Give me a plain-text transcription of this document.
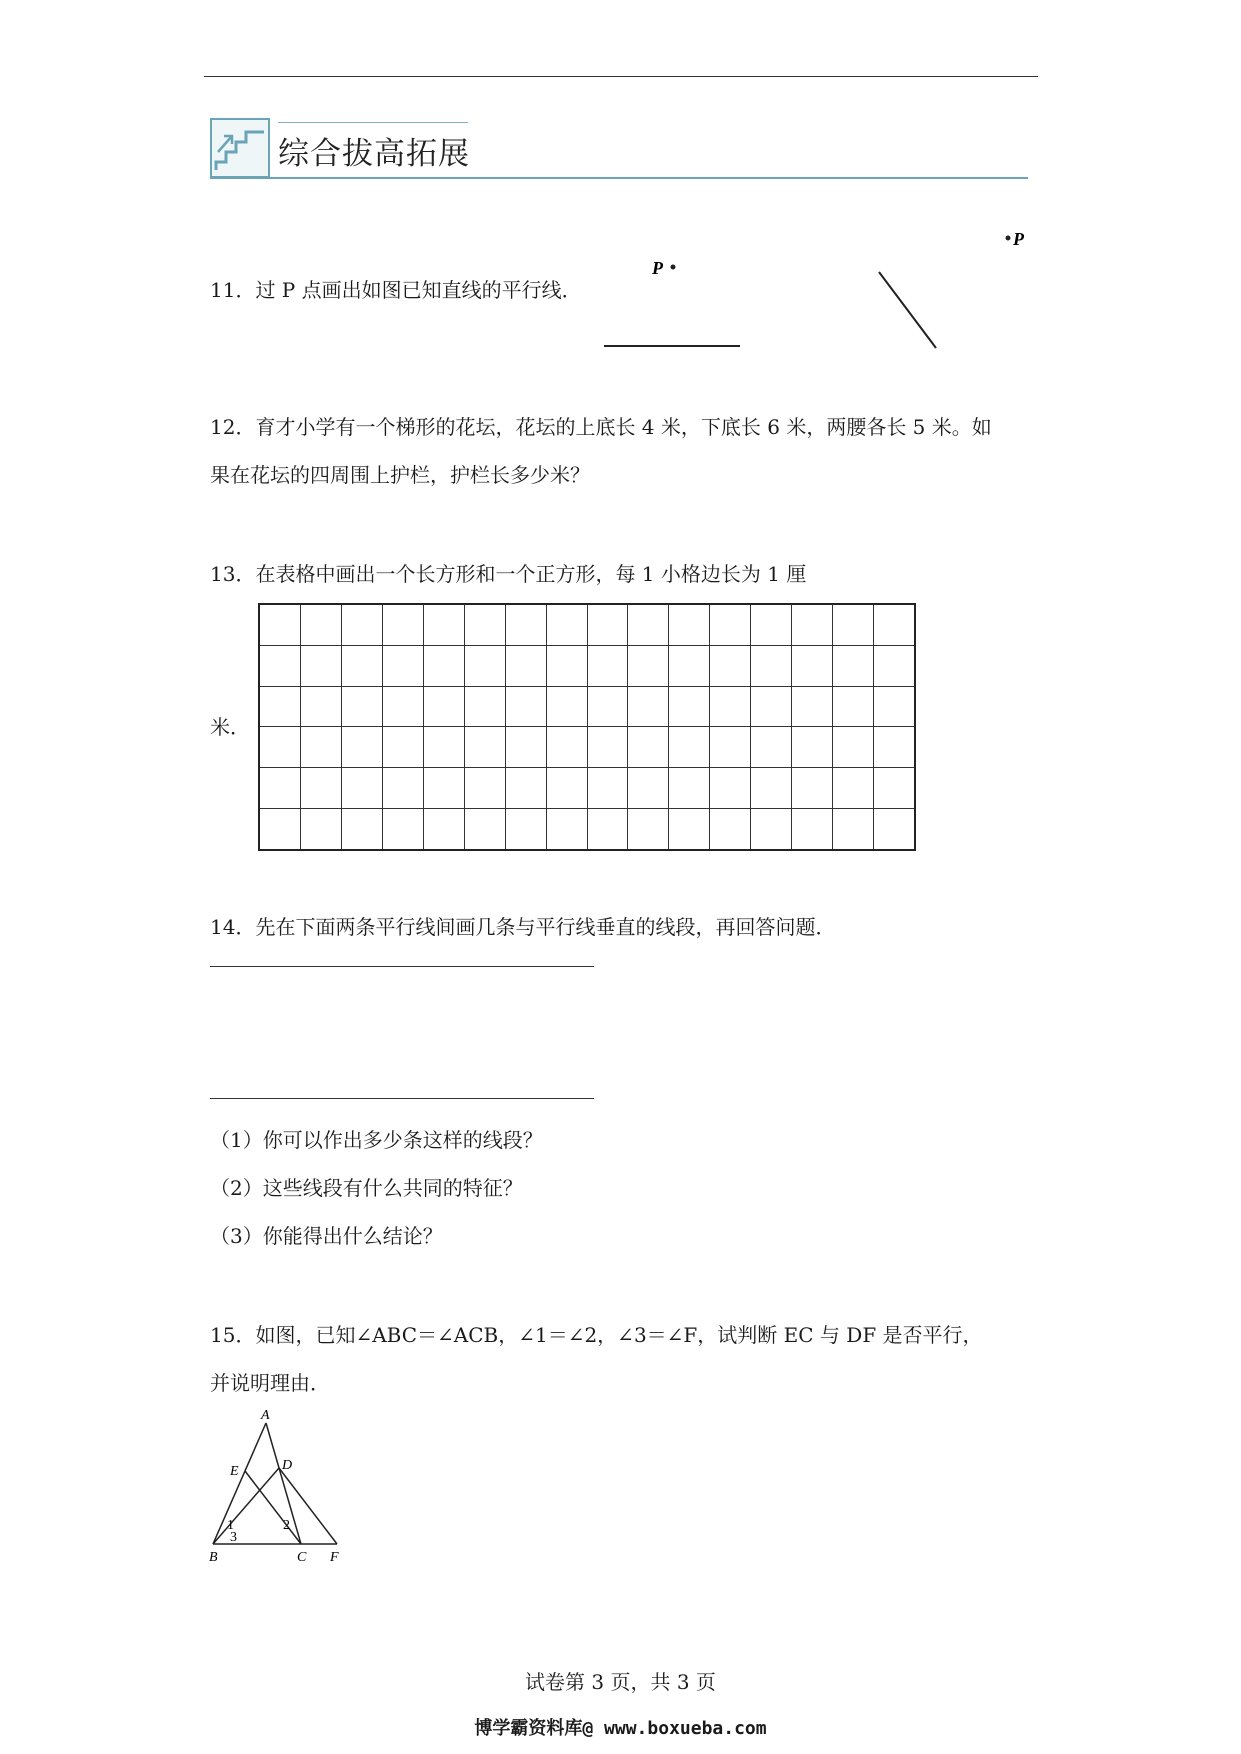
综合拔高拓展
11．过 P 点画出如图已知直线的平行线．
P
P
12．育才小学有一个梯形的花坛，花坛的上底长 4 米，下底长 6 米，两腰各长 5 米。如
果在花坛的四周围上护栏，护栏长多少米？
13．在表格中画出一个长方形和一个正方形，每 1 小格边长为 1 厘
米．

14．先在下面两条平行线间画几条与平行线垂直的线段，再回答问题．
（1）你可以作出多少条这样的线段？
（2）这些线段有什么共同的特征？
（3）你能得出什么结论？
15．如图，已知∠ABC＝∠ACB，∠1＝∠2，∠3＝∠F，试判断 EC 与 DF 是否平行，
并说明理由．
A
B	C
D
E
F
1	2
3
试卷第 3 页，共 3 页
博学霸资料库@ www.boxueba.com
